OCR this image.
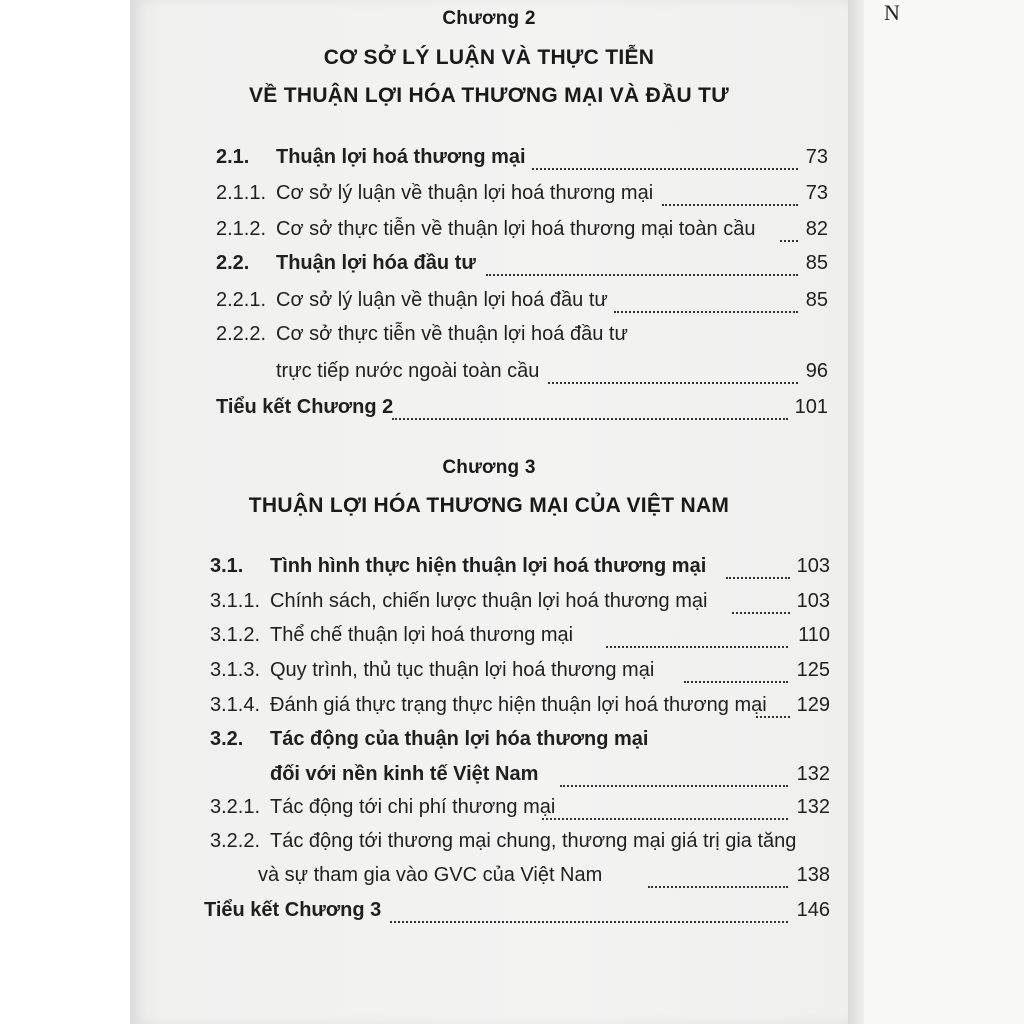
N
Chương 2
CƠ SỞ LÝ LUẬN VÀ THỰC TIỄN
VỀ THUẬN LỢI HÓA THƯƠNG MẠI VÀ ĐẦU TƯ
2.1. Thuận lợi hoá thương mại	73
2.1.1. Cơ sở lý luận về thuận lợi hoá thương mại	73
2.1.2. Cơ sở thực tiễn về thuận lợi hoá thương mại toàn cầu	82
2.2. Thuận lợi hóa đầu tư	85
2.2.1. Cơ sở lý luận về thuận lợi hoá đầu tư	85
2.2.2. Cơ sở thực tiễn về thuận lợi hoá đầu tư
trực tiếp nước ngoài toàn cầu	96
Tiểu kết Chương 2	101
Chương 3
THUẬN LỢI HÓA THƯƠNG MẠI CỦA VIỆT NAM
3.1. Tình hình thực hiện thuận lợi hoá thương mại	103
3.1.1. Chính sách, chiến lược thuận lợi hoá thương mại	103
3.1.2. Thể chế thuận lợi hoá thương mại	110
3.1.3. Quy trình, thủ tục thuận lợi hoá thương mại	125
3.1.4. Đánh giá thực trạng thực hiện thuận lợi hoá thương mại 129
3.2. Tác động của thuận lợi hóa thương mại
đối với nền kinh tế Việt Nam	132
3.2.1. Tác động tới chi phí thương mại	132
3.2.2. Tác động tới thương mại chung, thương mại giá trị gia tăng
và sự tham gia vào GVC của Việt Nam	138
Tiểu kết Chương 3	146
